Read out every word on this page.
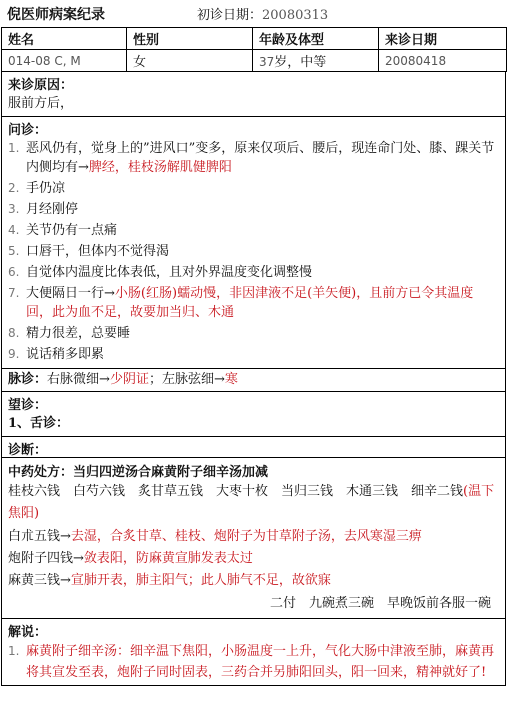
倪医师病案纪录	初诊日期：20080313
姓名	性别	年龄及体型	来诊日期
014-08 C, M	女	37岁，中等	20080418
来诊原因：
服前方后，
问诊：
1. 恶风仍有，觉身上的”进风口”变多，原来仅项后、腰后，现连命门处、膝、踝关节内侧均有→脾经，桂枝汤解肌健脾阳
2. 手仍凉
3. 月经刚停
4. 关节仍有一点痛
5. 口唇干，但体内不觉得渴
6. 自觉体内温度比体表低，且对外界温度变化调整慢
7. 大便隔日一行→小肠(红肠)蠕动慢，非因津液不足(羊矢便)，且前方已令其温度回，此为血不足，故要加当归、木通
8. 精力很差，总要睡
9. 说话稍多即累
脉诊：右脉微细→少阴证；左脉弦细→寒
望诊：
1、舌诊：
诊断：
中药处方：当归四逆汤合麻黄附子细辛汤加减
桂枝六钱　白芍六钱　炙甘草五钱　大枣十枚　当归三钱　木通三钱　细辛二钱(温下焦阳)
白朮五钱→去湿，合炙甘草、桂枝、炮附子为甘草附子汤，去风寒湿三痹
炮附子四钱→敛表阳，防麻黄宣肺发表太过
麻黄三钱→宣肺开表，肺主阳气；此人肺气不足，故欲寐
二付　九碗煮三碗　早晚饭前各服一碗
解说：
1. 麻黄附子细辛汤：细辛温下焦阳，小肠温度一上升，气化大肠中津液至肺，麻黄再将其宣发至表，炮附子同时固表，三药合并另肺阳回头，阳一回来，精神就好了!
